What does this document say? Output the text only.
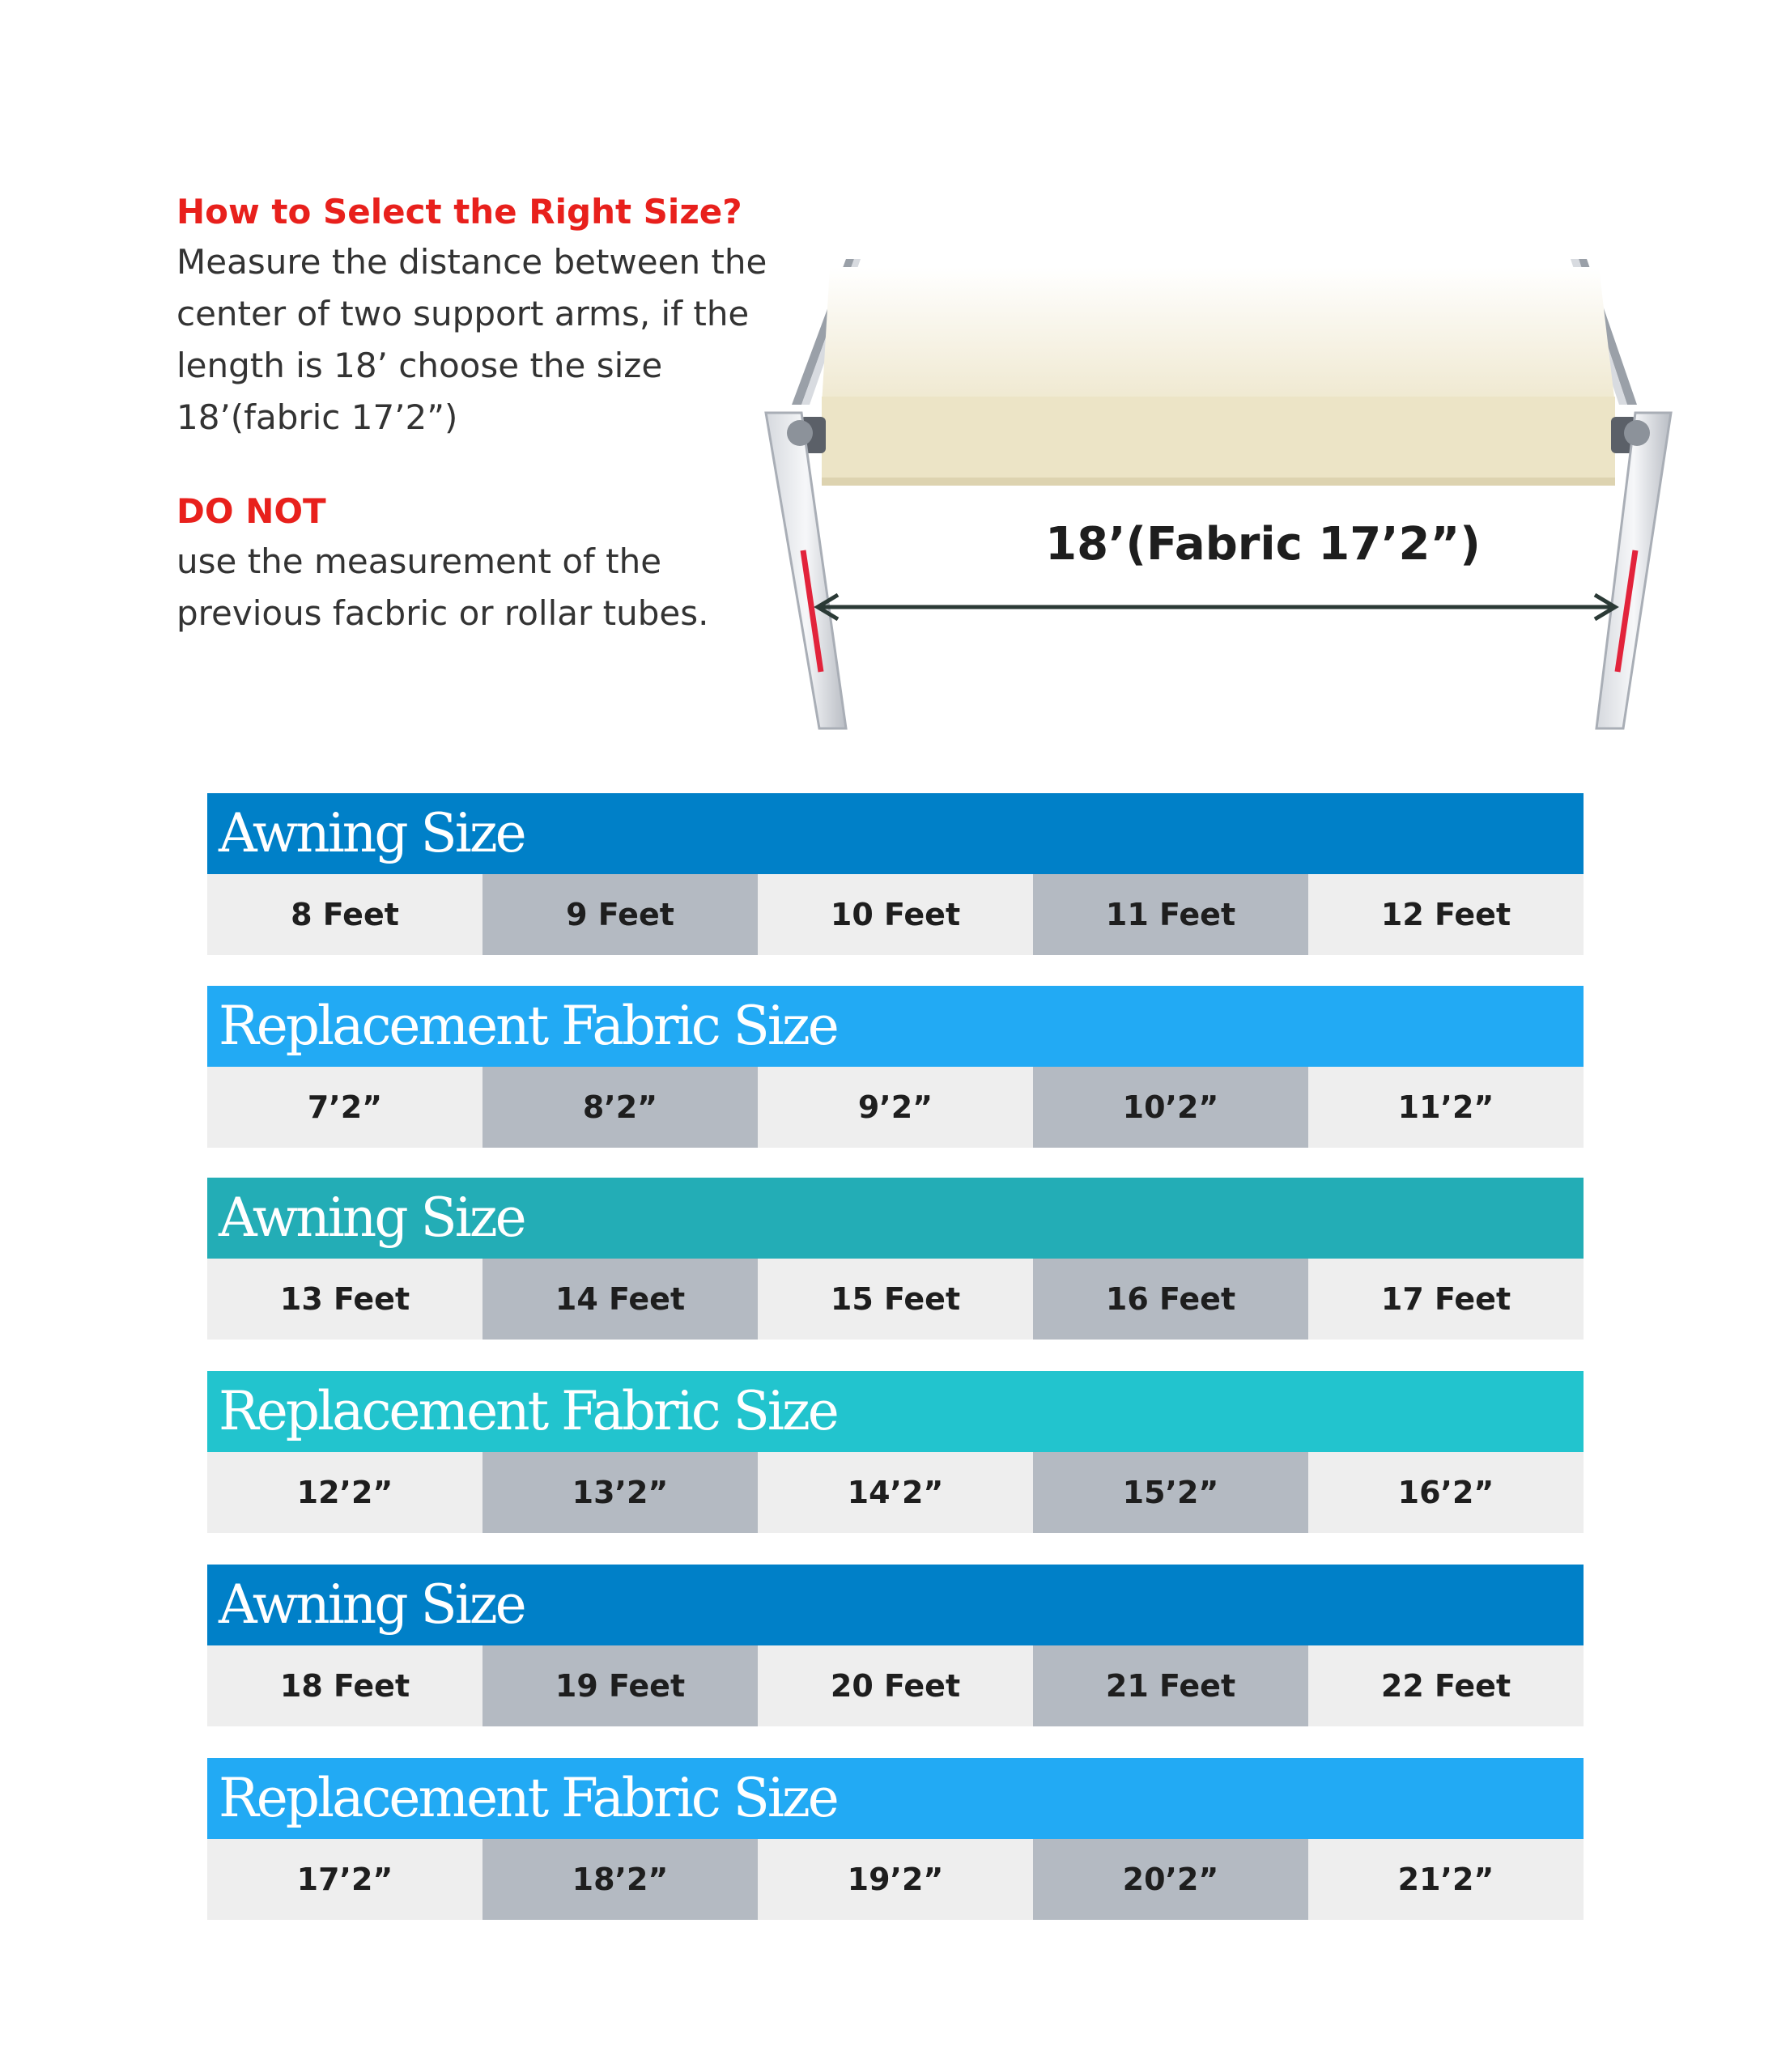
How to Select the Right Size?
Measure the distance between the
center of two support arms, if the
length is 18’ choose the size
18’(fabric 17’2”)
DO NOT
use the measurement of the
previous facbric or rollar tubes.
18’(Fabric 17’2”)
Awning Size
8 Feet	9 Feet	10 Feet	11 Feet	12 Feet
Replacement Fabric Size
7’2”	8’2”	9’2”	10’2”	11’2”
Awning Size
13 Feet	14 Feet	15 Feet	16 Feet	17 Feet
Replacement Fabric Size
12’2”	13’2”	14’2”	15’2”	16’2”
Awning Size
18 Feet	19 Feet	20 Feet	21 Feet	22 Feet
Replacement Fabric Size
17’2”	18’2”	19’2”	20’2”	21’2”
